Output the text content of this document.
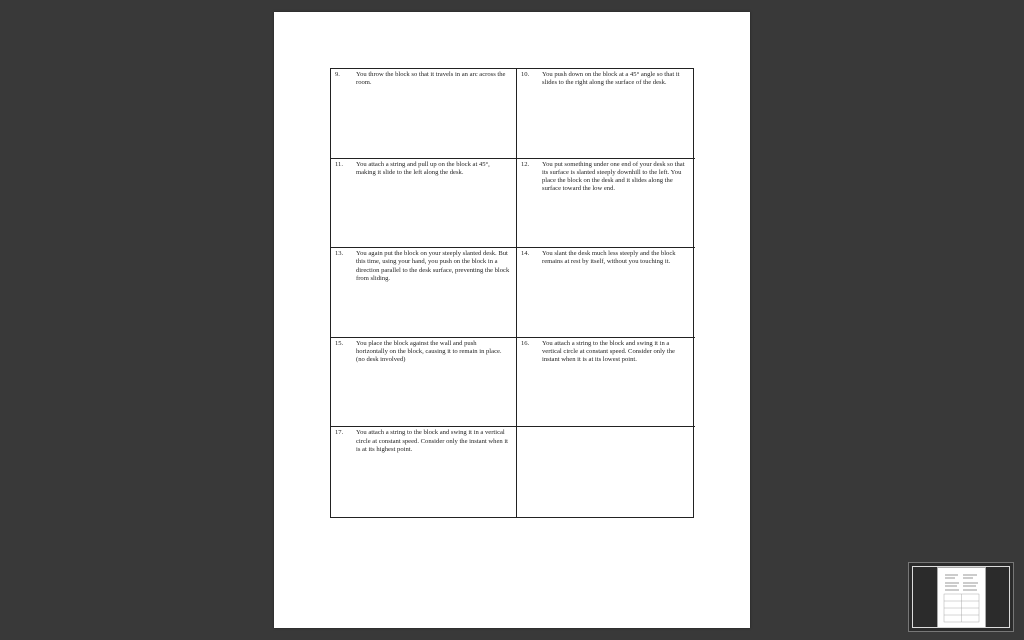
9. You throw the block so that it travels in an arc across the room.
10. You push down on the block at a 45° angle so that it slides to the right along the surface of the desk.
11. You attach a string and pull up on the block at 45°, making it slide to the left along the desk.
12. You put something under one end of your desk so that its surface is slanted steeply downhill to the left. You place the block on the desk and it slides along the surface toward the low end.
13. You again put the block on your steeply slanted desk. But this time, using your hand, you push on the block in a direction parallel to the desk surface, preventing the block from sliding.
14. You slant the desk much less steeply and the block remains at rest by itself, without you touching it.
15. You place the block against the wall and push horizontally on the block, causing it to remain in place. (no desk involved)
16. You attach a string to the block and swing it in a vertical circle at constant speed. Consider only the instant when it is at its lowest point.
17. You attach a string to the block and swing it in a vertical circle at constant speed. Consider only the instant when it is at its highest point.
